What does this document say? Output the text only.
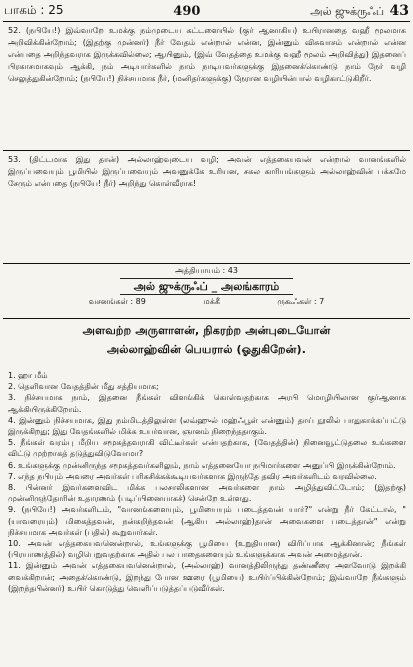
பாகம் : 25	490	அல் ஜுக்ருஃப் 43

52. (நபியே!) இவ்வாறே உமக்கு நம்முடைய கட்டளையில் (குர் ஆனாகிய) உயிரானதை வஹீ மூலமாக அறிவிக்கின்றோம்; (இதற்கு முன்னர்) நீர் வேதம் என்றால் என்ன, இன்னும் விசுவாசம் என்றால் என்ன என்பதை அறிந்தவராக இருக்கவில்லை; ஆயினும், (இவ் வேதத்தை உமக்கு வஹீ மூலம் அறிவித்து) இதனைப் பிரகாசமாகவும் ஆக்கி, நம் அடியார்களில் நாம் நாடியவர்களுக்கு இதனைக்கொண்டு நாம் நேர் வழி செலுத்துகின்றோம்; (நபியே!) நிச்சயமாக நீர், (மனிதர்களுக்கு) நேரான வழியின்பால் வழிகாட்டுகிறீர்.

53. (திட்டமாக இது தான்) அல்லாஹ்வுடைய வழி; அவன் எத்தகையவன் என்றால் வானங்களில் இருப்பவையும் பூமியில் இருப்பவையும் அவனுக்கே உரியன, சகல காரியங்களும் அல்லாஹ்வின் பக்கமே சேரும் என்பதை (நபியே! நீர்) அறிந்து கொள்வீராக!

அத்தியாயம் : 43
அல் ஜுக்ருஃப் _ அலங்காரம்
வசனங்கள் : 89	மக்கீ	ருகூஃகள் : 7
அளவற்ற அருளாளன், நிகரற்ற அன்புடையோன்
அல்லாஹ்வின் பெயரால் (ஓதுகிறேன்).

1. ஹா மீம்

2. தெளிவான வேதத்தின் மீது சத்தியமாக;

3. நிச்சயமாக நாம், இதனை நீங்கள் விளங்கிக் கொள்வதற்காக அரபி மொழியிலான குர்ஆனாக ஆக்கியிருக்கிறோம்.

4. இன்னும் நிச்சயமாக, இது நம்மிடத்திலுள்ள (லவ்ஹுல் மஹ்ஃபூள் என்னும்) தாய் நூலில் பாதுகாக்கப்பட்டு இருக்கிறது; இது வேதங்களில் மிக்க உயர்வான, ஞானம் நிறைந்ததாகும்.

5. நீங்கள் வரம்பு மீறிய சமூகத்தவராகி விட்டீர்கள் என்பதற்காக, (வேதத்தின்) நினைவூட்டுதலை உங்களை விட்டு முற்றாகத் தடுத்துவிடுவோமா?

6. உங்களுக்கு முன்னிருந்த சமூகத்தவர்களிலும், நாம் எத்தனையோ நபிமார்களை அனுப்பி இருக்கின்றோம்.

7. எந்த நபியும் அவரை அவர்கள் பரிகசிக்கக்கூடியவர்களாக இருந்தே தவிர அவர்களிடம் வரவில்லை.

8. பின்னர் இவர்களைவிட மிக்க பலசாலிகளான அவர்களை நாம் அழித்துவிட்டோம்; (இதற்கு) முன்னிருந்தோரின் உதாரணம் (படிப்பினையாகச்) சென்றே உள்ளது.

9. (நபியே!) அவர்களிடம், "வானங்களையும், பூமியையும் படைத்தவன் யார்?" என்று நீர் கேட்டால், "(யாவரையும்) மிகைத்தவன், நன்கறிந்தவன் (ஆகிய அல்லாஹ்)தான் அவைகளை படைத்தான்" என்று நிச்சயமாக அவர்கள் (பதில்) கூறுவார்கள்.

10. அவன் எத்தகையவனென்றால், உங்களுக்கு பூமியை (உறுதியான) விரிப்பாக ஆக்கினான்; நீங்கள் (பிரயாணத்தில்) வழிபெறுவதற்காக அதில் பல பாதைகளையும் உங்களுக்காக அவன் அமைத்தான்.

11. இன்னும் அவன் எத்தகையவனென்றால், (அல்லாஹ்) வானத்திலிருந்து தண்ணீரை அளவோடு இறக்கி வைக்கிறான்; அதைக்கொண்டு, இறந்து போன ஊரை (பூமியை) உயிர்ப்பிக்கின்றோம்; இவ்வாறே நீங்களும் (இறந்தபின்னர்) உயிர் கொடுத்து வெளிப்படுத்தப்படுவீர்கள்.
